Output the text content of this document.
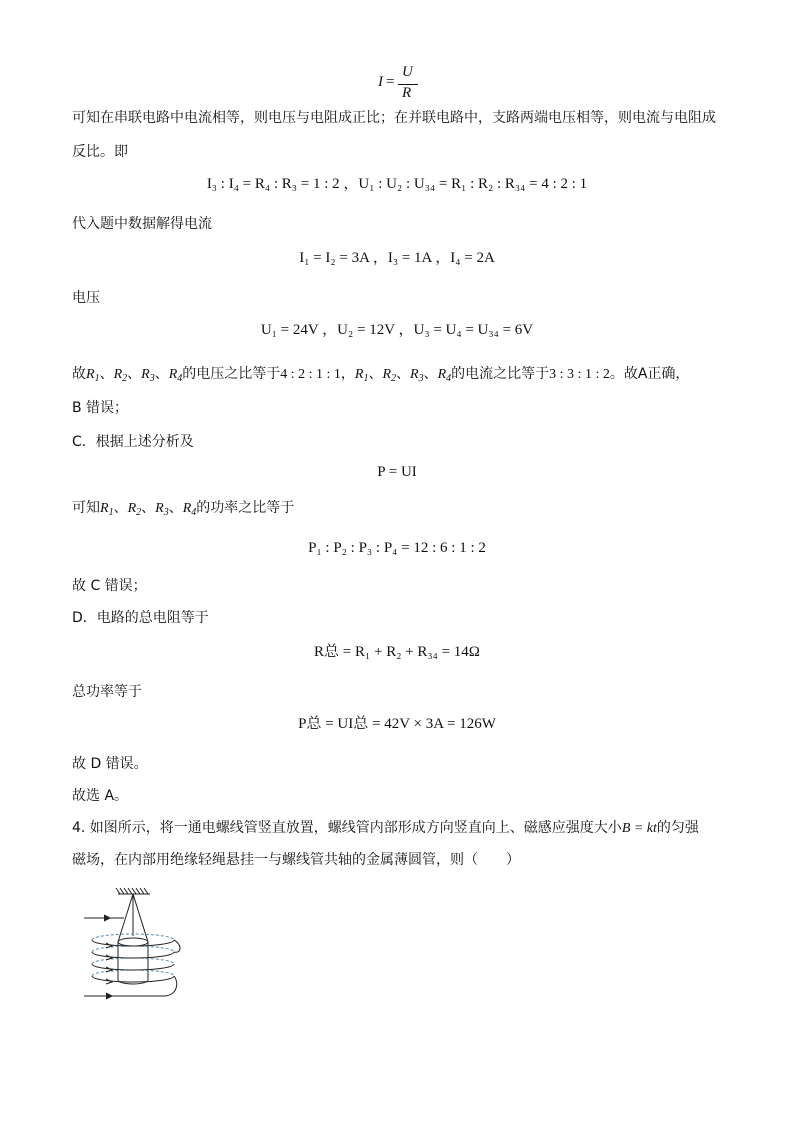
I =
U
R
可知在串联电路中电流相等，则电压与电阻成正比；在并联电路中，支路两端电压相等，则电流与电阻成
反比。即
I₃ : I₄ = R₄ : R₃ = 1 : 2 ，U₁ : U₂ : U₃₄ = R₁ : R₂ : R₃₄ = 4 : 2 : 1
代入题中数据解得电流
I₁ = I₂ = 3A ，I₃ = 1A ，I₄ = 2A
电压
U₁ = 24V ，U₂ = 12V ，U₃ = U₄ = U₃₄ = 6V
故$R_1$、$R_2$、$R_3$、$R_4$的电压之比等于4 : 2 : 1 : 1，$R_1$、$R_2$、$R_3$、$R_4$的电流之比等于3 : 3 : 1 : 2。故A正确，
B 错误；
C．根据上述分析及
P = UI
可知$R_1$、$R_2$、$R_3$、$R_4$的功率之比等于
P₁ : P₂ : P₃ : P₄ = 12 : 6 : 1 : 2
故 C 错误；
D．电路的总电阻等于
R总 = R₁ + R₂ + R₃₄ = 14Ω
总功率等于
P总 = UI总 = 42V × 3A = 126W
故 D 错误。
故选 A。
4. 如图所示，将一通电螺线管竖直放置，螺线管内部形成方向竖直向上、磁感应强度大小B = kt的匀强
磁场，在内部用绝缘轻绳悬挂一与螺线管共轴的金属薄圆管，则（　　）
